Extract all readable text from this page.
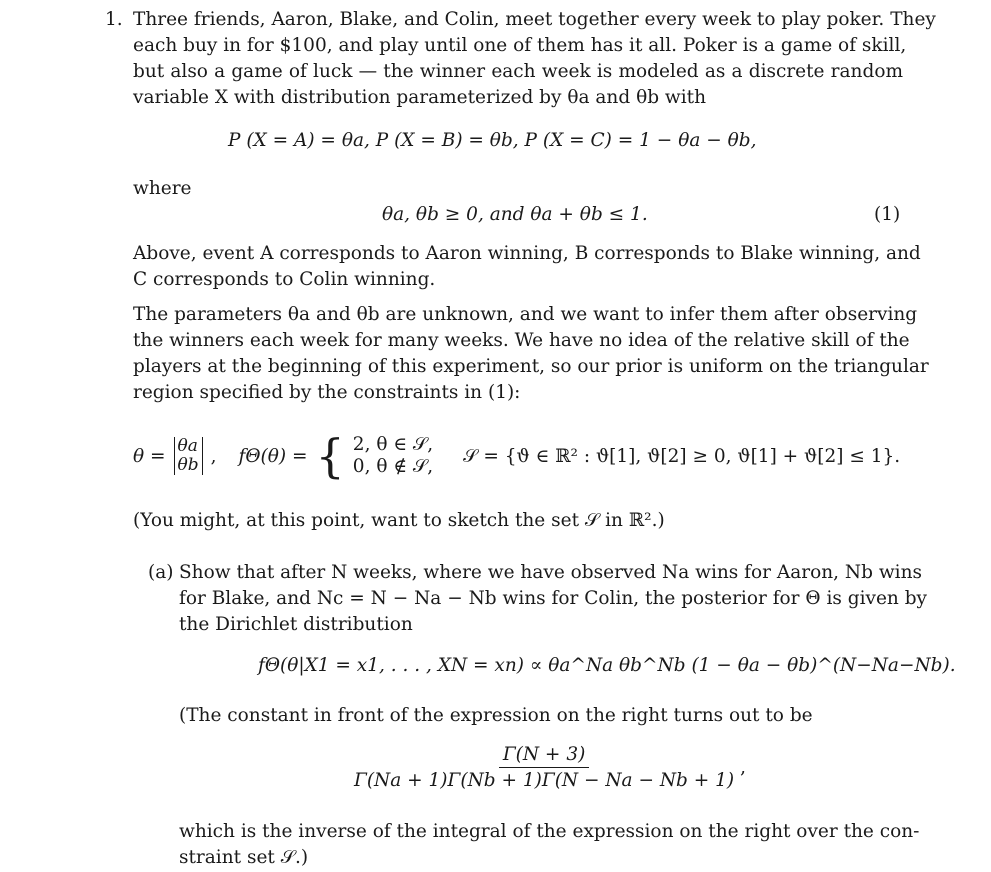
1. Three friends, Aaron, Blake, and Colin, meet together every week to play poker. They
each buy in for $100, and play until one of them has it all. Poker is a game of skill,
but also a game of luck — the winner each week is modeled as a discrete random
variable X with distribution parameterized by θa and θb with
P (X = A) = θa, P (X = B) = θb, P (X = C) = 1 − θa − θb,
where
θa, θb ≥ 0, and θa + θb ≤ 1.	(1)
Above, event A corresponds to Aaron winning, B corresponds to Blake winning, and
C corresponds to Colin winning.
The parameters θa and θb are unknown, and we want to infer them after observing
the winners each week for many weeks. We have no idea of the relative skill of the
players at the beginning of this experiment, so our prior is uniform on the triangular
region specified by the constraints in (1):
θ = θa
θb , fΘ(θ) = { 2, θ ∈ 𝒮,
0, θ ∉ 𝒮, 𝒮 = {ϑ ∈ ℝ² : ϑ[1], ϑ[2] ≥ 0, ϑ[1] + ϑ[2] ≤ 1}.
(You might, at this point, want to sketch the set 𝒮 in ℝ².)
(a) Show that after N weeks, where we have observed Na wins for Aaron, Nb wins
for Blake, and Nc = N − Na − Nb wins for Colin, the posterior for Θ is given by
the Dirichlet distribution
fΘ(θ|X1 = x1, . . . , XN = xn) ∝ θa^Na θb^Nb (1 − θa − θb)^(N−Na−Nb).
(The constant in front of the expression on the right turns out to be
$\frac{\Gamma(N + 3)}{\Gamma(Na + 1)\Gamma(Nb + 1)\Gamma(N - Na - Nb + 1)}$ ,
which is the inverse of the integral of the expression on the right over the con-
straint set 𝒮.)
